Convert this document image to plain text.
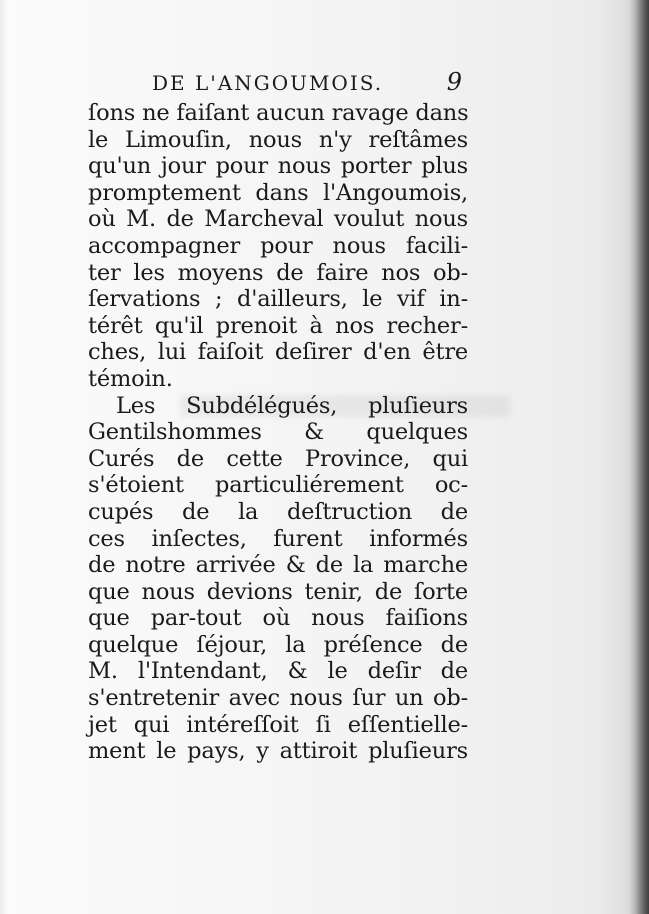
DE L'ANGOUMOIS.	9
ſons ne faiſant aucun ravage dans
le Limouſin, nous n'y reſtâmes
qu'un jour pour nous porter plus
promptement dans l'Angoumois,
où M. de Marcheval voulut nous
accompagner pour nous facili-
ter les moyens de faire nos ob-
ſervations ; d'ailleurs, le vif in-
térêt qu'il prenoit à nos recher-
ches, lui faiſoit deſirer d'en être
témoin.
Les Subdélégués, pluſieurs
Gentilshommes & quelques
Curés de cette Province, qui
s'étoient particuliérement oc-
cupés de la deſtruction de
ces inſectes, furent informés
de notre arrivée & de la marche
que nous devions tenir, de ſorte
que par-tout où nous faiſions
quelque ſéjour, la préſence de
M. l'Intendant, & le deſir de
s'entretenir avec nous ſur un ob-
jet qui intéreſſoit ſi eſſentielle-
ment le pays, y attiroit pluſieurs
